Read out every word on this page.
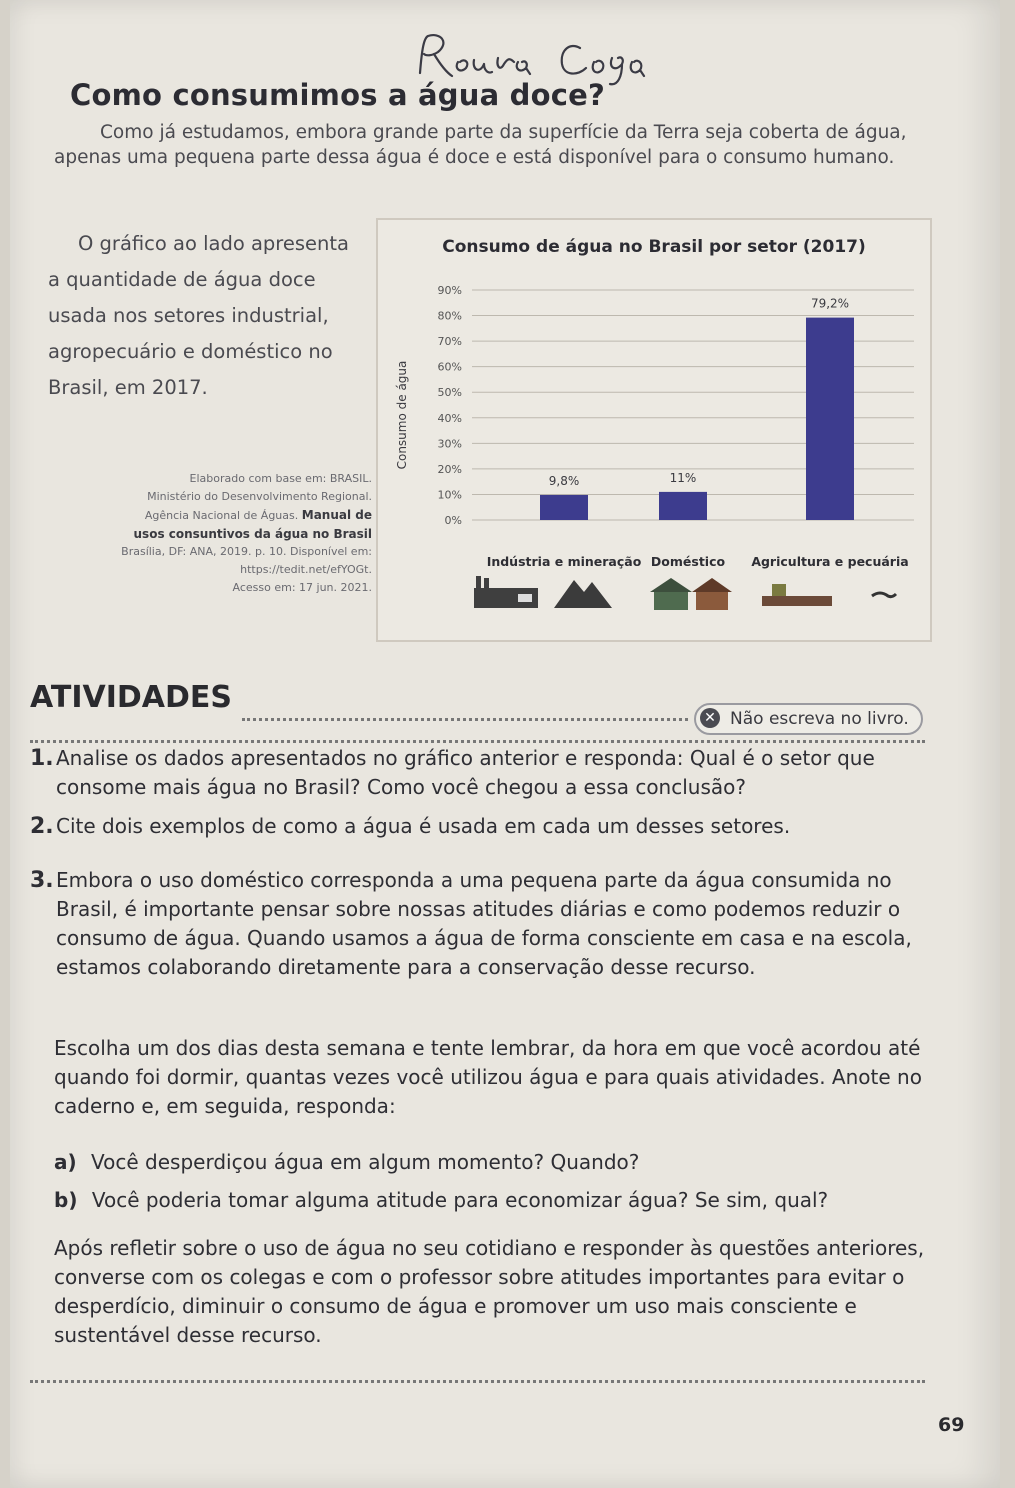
Como consumimos a água doce?

Como já estudamos, embora grande parte da superfície da Terra seja coberta de água, apenas uma pequena parte dessa água é doce e está disponível para o consumo humano.

O gráfico ao lado apresenta a quantidade de água doce usada nos setores industrial, agropecuário e doméstico no Brasil, em 2017.

Elaborado com base em: BRASIL.
Ministério do Desenvolvimento Regional.
Agência Nacional de Águas. Manual de
usos consuntivos da água no Brasil
Brasília, DF: ANA, 2019. p. 10. Disponível em:
https://tedit.net/efYOGt.
Acesso em: 17 jun. 2021.
Consumo de água no Brasil por setor (2017)
0%
10%
20%
30%
40%
50%
60%
70%
80%
90%
Consumo de água
9,8%	11%
79,2%
Indústria e mineração Doméstico Agricultura e pecuária
ATIVIDADES
✕ Não escreva no livro.
1. Analise os dados apresentados no gráfico anterior e responda: Qual é o setor que consome mais água no Brasil? Como você chegou a essa conclusão?
2. Cite dois exemplos de como a água é usada em cada um desses setores.
3. Embora o uso doméstico corresponda a uma pequena parte da água consumida no Brasil, é importante pensar sobre nossas atitudes diárias e como podemos reduzir o consumo de água. Quando usamos a água de forma consciente em casa e na escola, estamos colaborando diretamente para a conservação desse recurso.

Escolha um dos dias desta semana e tente lembrar, da hora em que você acordou até quando foi dormir, quantas vezes você utilizou água e para quais atividades. Anote no caderno e, em seguida, responda:

a) Você desperdiçou água em algum momento? Quando?
b) Você poderia tomar alguma atitude para economizar água? Se sim, qual?

Após refletir sobre o uso de água no seu cotidiano e responder às questões anteriores, converse com os colegas e com o professor sobre atitudes importantes para evitar o desperdício, diminuir o consumo de água e promover um uso mais consciente e sustentável desse recurso.

69
